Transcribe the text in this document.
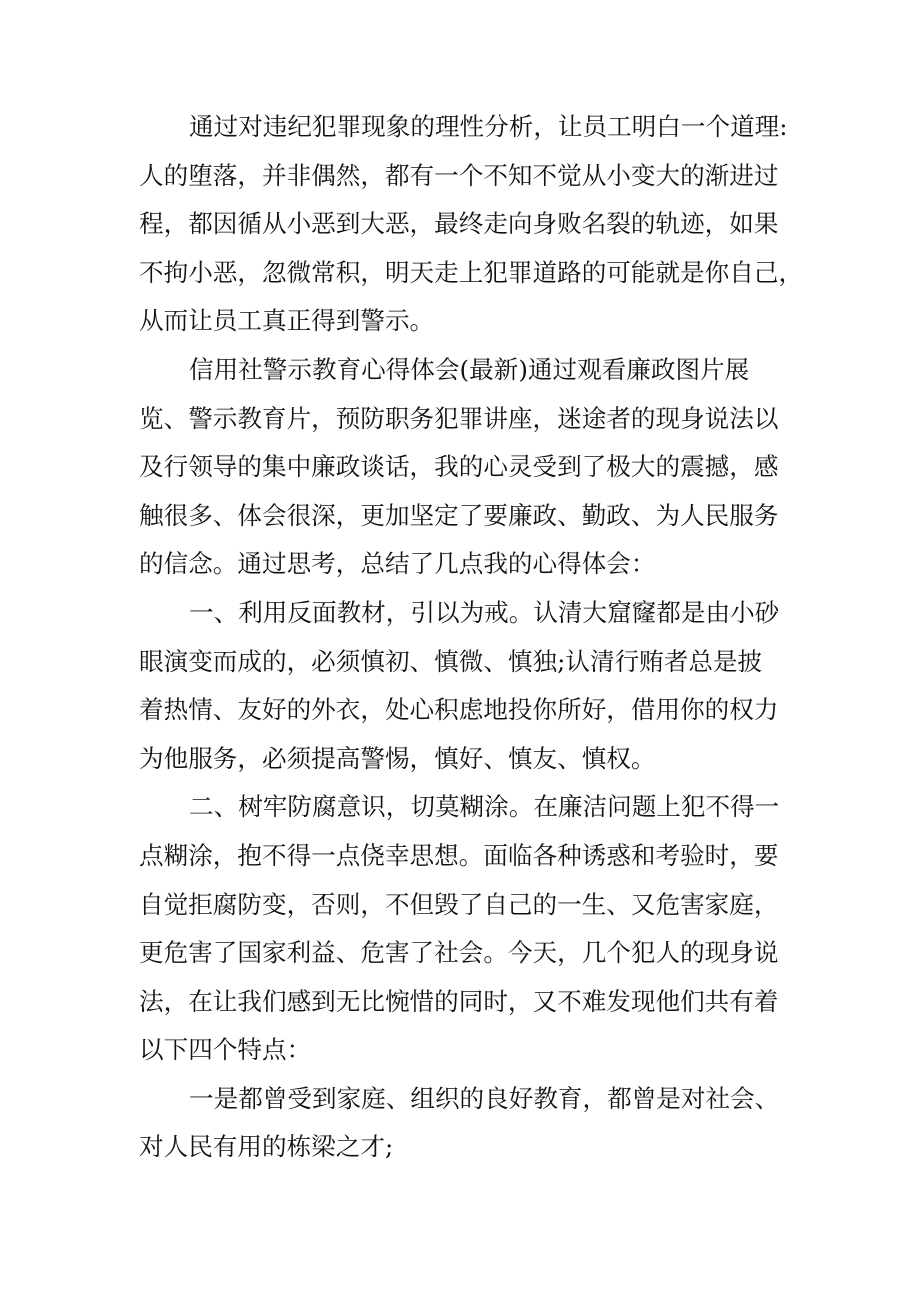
通过对违纪犯罪现象的理性分析，让员工明白一个道理:
人的堕落，并非偶然，都有一个不知不觉从小变大的渐进过
程，都因循从小恶到大恶，最终走向身败名裂的轨迹，如果
不拘小恶，忽微常积，明天走上犯罪道路的可能就是你自己，
从而让员工真正得到警示。
信用社警示教育心得体会(最新)通过观看廉政图片展
览、警示教育片，预防职务犯罪讲座，迷途者的现身说法以
及行领导的集中廉政谈话，我的心灵受到了极大的震撼，感
触很多、体会很深，更加坚定了要廉政、勤政、为人民服务
的信念。通过思考，总结了几点我的心得体会：
一、利用反面教材，引以为戒。认清大窟窿都是由小砂
眼演变而成的，必须慎初、慎微、慎独;认清行贿者总是披
着热情、友好的外衣，处心积虑地投你所好，借用你的权力
为他服务，必须提高警惕，慎好、慎友、慎权。
二、树牢防腐意识，切莫糊涂。在廉洁问题上犯不得一
点糊涂，抱不得一点侥幸思想。面临各种诱惑和考验时，要
自觉拒腐防变，否则，不但毁了自己的一生、又危害家庭，
更危害了国家利益、危害了社会。今天，几个犯人的现身说
法，在让我们感到无比惋惜的同时，又不难发现他们共有着
以下四个特点：
一是都曾受到家庭、组织的良好教育，都曾是对社会、
对人民有用的栋梁之才;
